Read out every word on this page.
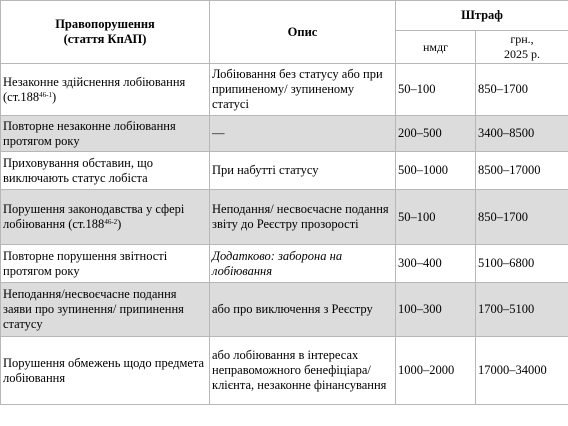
Правопорушення
(стаття КпАП)	Опис	Штраф	
		нмдг	грн.,
2025 р.
Незаконне здійснення лобіювання (ст.188$^{46-1}$)	Лобіювання без статусу або при припиненому/ зупиненому статусі	50–100	850–1700
Повторне незаконне лобіювання протягом року	—	200–500	3400–8500
Приховування обставин, що виключають статус лобіста	При набутті статусу	500–1000	8500–17000
Порушення законодавства у сфері лобіювання (ст.188$^{46-2}$)	Неподання/ несвоєчасне подання звіту до Реєстру прозорості	50–100	850–1700
Повторне порушення звітності протягом року	Додатково: заборона на лобіювання	300–400	5100–6800
Неподання/несвоєчасне подання заяви про зупинення/ припинення статусу	або про виключення з Реєстру	100–300	1700–5100
Порушення обмежень щодо предмета лобіювання	або лобіювання в інтересах неправоможного бенефіціара/ клієнта, незаконне фінансування	1000–2000	17000–34000
